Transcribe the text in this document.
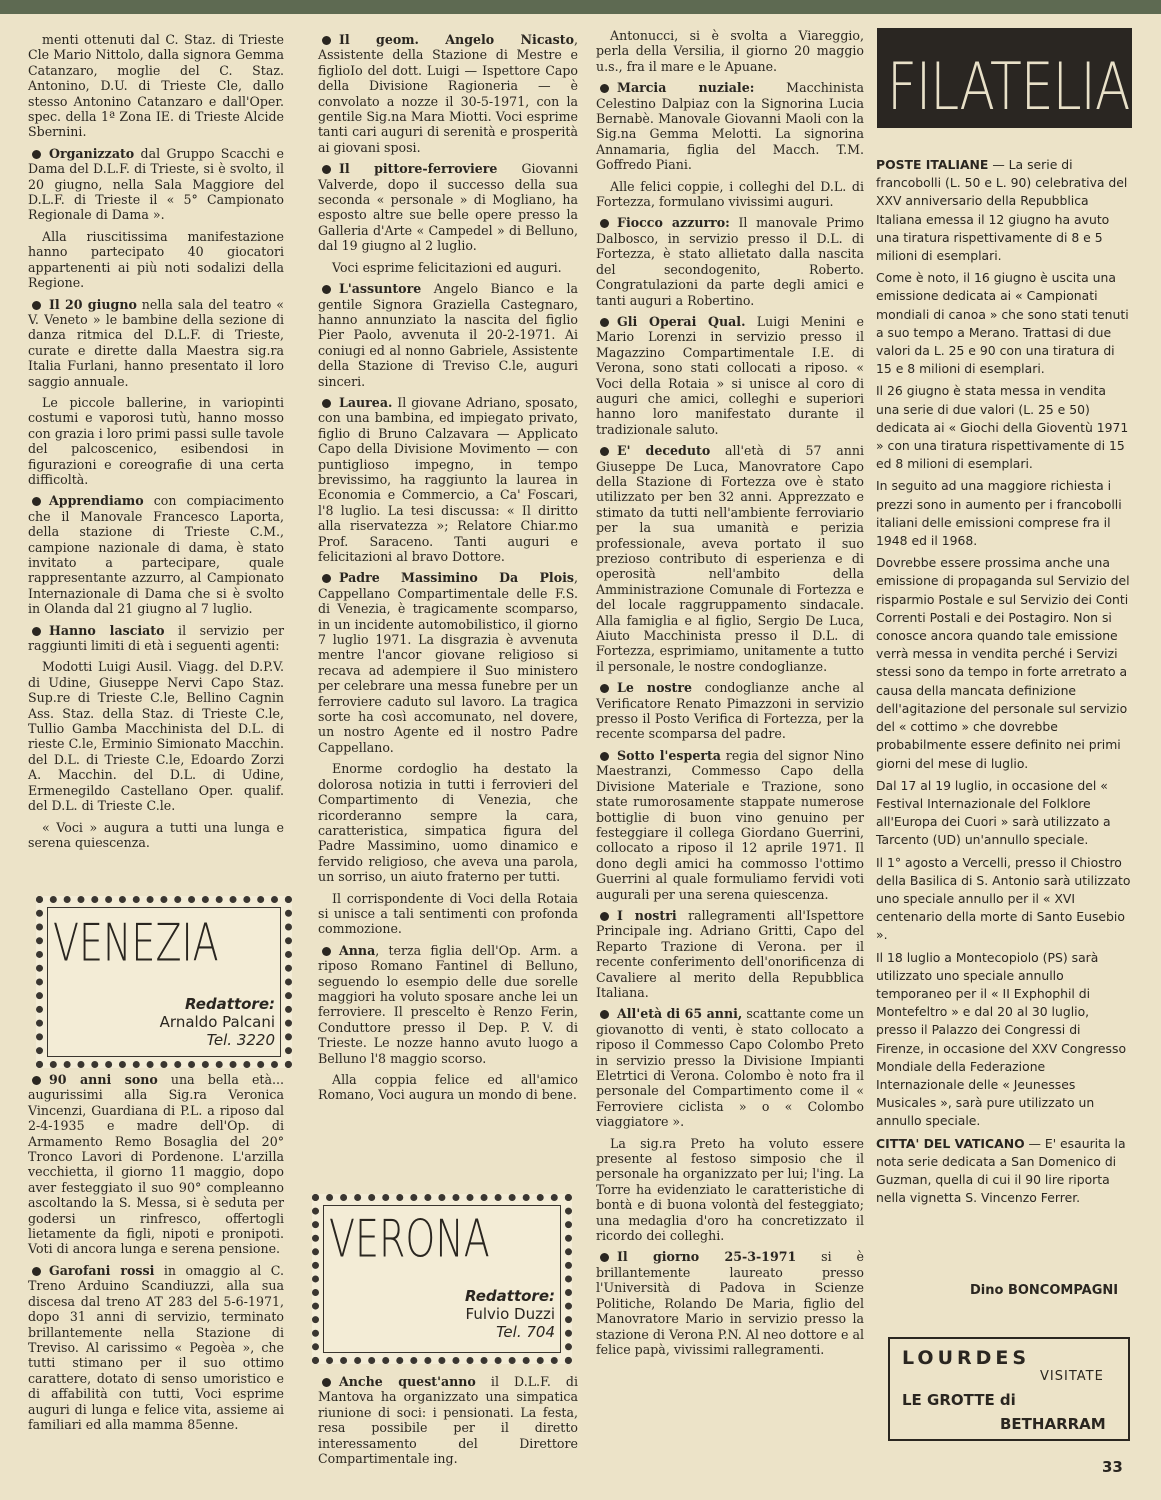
menti ottenuti dal C. Staz. di Trieste Cle Mario Nittolo, dalla signora Gemma Catanzaro, moglie del C. Staz. Antonino, D.U. di Trieste Cle, dallo stesso Antonino Catanzaro e dall'Oper. spec. della 1ª Zona IE. di Trieste Alcide Sbernini.

Organizzato dal Gruppo Scacchi e Dama del D.L.F. di Trieste, si è svolto, il 20 giugno, nella Sala Maggiore del D.L.F. di Trieste il « 5° Campionato Regionale di Dama ».

Alla riuscitissima manifestazione hanno partecipato 40 giocatori appartenenti ai più noti sodalizi della Regione.

Il 20 giugno nella sala del teatro « V. Veneto » le bambine della sezione di danza ritmica del D.L.F. di Trieste, curate e dirette dalla Maestra sig.ra Italia Furlani, hanno presentato il loro saggio annuale.

Le piccole ballerine, in variopinti costumi e vaporosi tutù, hanno mosso con grazia i loro primi passi sulle tavole del palcoscenico, esibendosi in figurazioni e coreografie di una certa difficoltà.

Apprendiamo con compiacimento che il Manovale Francesco Laporta, della stazione di Trieste C.M., campione nazionale di dama, è stato invitato a partecipare, quale rappresentante azzurro, al Campionato Internazionale di Dama che si è svolto in Olanda dal 21 giugno al 7 luglio.

Hanno lasciato il servizio per raggiunti limiti di età i seguenti agenti:

Modotti Luigi Ausil. Viagg. del D.P.V. di Udine, Giuseppe Nervi Capo Staz. Sup.re di Trieste C.le, Bellino Cagnin Ass. Staz. della Staz. di Trieste C.le, Tullio Gamba Macchinista del D.L. di rieste C.le, Erminio Simionato Macchin. del D.L. di Trieste C.le, Edoardo Zorzi A. Macchin. del D.L. di Udine, Ermenegildo Castellano Oper. qualif. del D.L. di Trieste C.le.

« Voci » augura a tutti una lunga e serena quiescenza.

VENEZIA
Redattore:
Arnaldo Palcani
Tel. 3220

90 anni sono una bella età... augurissimi alla Sig.ra Veronica Vincenzi, Guardiana di P.L. a riposo dal 2-4-1935 e madre dell'Op. di Armamento Remo Bosaglia del 20° Tronco Lavori di Pordenone. L'arzilla vecchietta, il giorno 11 maggio, dopo aver festeggiato il suo 90° compleanno ascoltando la S. Messa, si è seduta per godersi un rinfresco, offertogli lietamente da figli, nipoti e pronipoti. Voti di ancora lunga e serena pensione.

Garofani rossi in omaggio al C. Treno Arduino Scandiuzzi, alla sua discesa dal treno AT 283 del 5-6-1971, dopo 31 anni di servizio, terminato brillantemente nella Stazione di Treviso. Al carissimo « Pegoèa », che tutti stimano per il suo ottimo carattere, dotato di senso umoristico e di affabilità con tutti, Voci esprime auguri di lunga e felice vita, assieme ai familiari ed alla mamma 85enne.

Il geom. Angelo Nicasto, Assistente della Stazione di Mestre e figlioIo del dott. Luigi — Ispettore Capo della Divisione Ragioneria — è convolato a nozze il 30-5-1971, con la gentile Sig.na Mara Miotti. Voci esprime tanti cari auguri di serenità e prosperità ai giovani sposi.

Il pittore-ferroviere Giovanni Valverde, dopo il successo della sua seconda « personale » di Mogliano, ha esposto altre sue belle opere presso la Galleria d'Arte « Campedel » di Belluno, dal 19 giugno al 2 luglio.

Voci esprime felicitazioni ed auguri.

L'assuntore Angelo Bianco e la gentile Signora Graziella Castegnaro, hanno annunziato la nascita del figlio Pier Paolo, avvenuta il 20-2-1971. Ai coniugi ed al nonno Gabriele, Assistente della Stazione di Treviso C.le, auguri sinceri.

Laurea. Il giovane Adriano, sposato, con una bambina, ed impiegato privato, figlio di Bruno Calzavara — Applicato Capo della Divisione Movimento — con puntiglioso impegno, in tempo brevissimo, ha raggiunto la laurea in Economia e Commercio, a Ca' Foscari, l'8 luglio. La tesi discussa: « Il diritto alla riservatezza »; Relatore Chiar.mo Prof. Saraceno. Tanti auguri e felicitazioni al bravo Dottore.

Padre Massimino Da Plois, Cappellano Compartimentale delle F.S. di Venezia, è tragicamente scomparso, in un incidente automobilistico, il giorno 7 luglio 1971. La disgrazia è avvenuta mentre l'ancor giovane religioso si recava ad adempiere il Suo ministero per celebrare una messa funebre per un ferroviere caduto sul lavoro. La tragica sorte ha così accomunato, nel dovere, un nostro Agente ed il nostro Padre Cappellano.

Enorme cordoglio ha destato la dolorosa notizia in tutti i ferrovieri del Compartimento di Venezia, che ricorderanno sempre la cara, caratteristica, simpatica figura del Padre Massimino, uomo dinamico e fervido religioso, che aveva una parola, un sorriso, un aiuto fraterno per tutti.

Il corrispondente di Voci della Rotaia si unisce a tali sentimenti con profonda commozione.

Anna, terza figlia dell'Op. Arm. a riposo Romano Fantinel di Belluno, seguendo lo esempio delle due sorelle maggiori ha voluto sposare anche lei un ferroviere. Il prescelto è Renzo Ferin, Conduttore presso il Dep. P. V. di Trieste. Le nozze hanno avuto luogo a Belluno l'8 maggio scorso.

Alla coppia felice ed all'amico Romano, Voci augura un mondo di bene.

VERONA
Redattore:
Fulvio Duzzi
Tel. 704

Anche quest'anno il D.L.F. di Mantova ha organizzato una simpatica riunione di soci: i pensionati. La festa, resa possibile per il diretto interessamento del Direttore Compartimentale ing.

Antonucci, si è svolta a Viareggio, perla della Versilia, il giorno 20 maggio u.s., fra il mare e le Apuane.

Marcia nuziale: Macchinista Celestino Dalpiaz con la Signorina Lucia Bernabè. Manovale Giovanni Maoli con la Sig.na Gemma Melotti. La signorina Annamaria, figlia del Macch. T.M. Goffredo Piani.

Alle felici coppie, i colleghi del D.L. di Fortezza, formulano vivissimi auguri.

Fiocco azzurro: Il manovale Primo Dalbosco, in servizio presso il D.L. di Fortezza, è stato allietato dalla nascita del secondogenito, Roberto. Congratulazioni da parte degli amici e tanti auguri a Robertino.

Gli Operai Qual. Luigi Menini e Mario Lorenzi in servizio presso il Magazzino Compartimentale I.E. di Verona, sono stati collocati a riposo. « Voci della Rotaia » si unisce al coro di auguri che amici, colleghi e superiori hanno loro manifestato durante il tradizionale saluto.

E' deceduto all'età di 57 anni Giuseppe De Luca, Manovratore Capo della Stazione di Fortezza ove è stato utilizzato per ben 32 anni. Apprezzato e stimato da tutti nell'ambiente ferroviario per la sua umanità e perizia professionale, aveva portato il suo prezioso contributo di esperienza e di operosità nell'ambito della Amministrazione Comunale di Fortezza e del locale raggruppamento sindacale. Alla famiglia e al figlio, Sergio De Luca, Aiuto Macchinista presso il D.L. di Fortezza, esprimiamo, unitamente a tutto il personale, le nostre condoglianze.

Le nostre condoglianze anche al Verificatore Renato Pimazzoni in servizio presso il Posto Verifica di Fortezza, per la recente scomparsa del padre.

Sotto l'esperta regia del signor Nino Maestranzi, Commesso Capo della Divisione Materiale e Trazione, sono state rumorosamente stappate numerose bottiglie di buon vino genuino per festeggiare il collega Giordano Guerrini, collocato a riposo il 12 aprile 1971. Il dono degli amici ha commosso l'ottimo Guerrini al quale formuliamo fervidi voti augurali per una serena quiescenza.

I nostri rallegramenti all'Ispettore Principale ing. Adriano Gritti, Capo del Reparto Trazione di Verona. per il recente conferimento dell'onorificenza di Cavaliere al merito della Repubblica Italiana.

All'età di 65 anni, scattante come un giovanotto di venti, è stato collocato a riposo il Commesso Capo Colombo Preto in servizio presso la Divisione Impianti Eletrtici di Verona. Colombo è noto fra il personale del Compartimento come il « Ferroviere ciclista » o « Colombo viaggiatore ».

La sig.ra Preto ha voluto essere presente al festoso simposio che il personale ha organizzato per lui; l'ing. La Torre ha evidenziato le caratteristiche di bontà e di buona volontà del festeggiato; una medaglia d'oro ha concretizzato il ricordo dei colleghi.

Il giorno 25-3-1971 si è brillantemente laureato presso l'Università di Padova in Scienze Politiche, Rolando De Maria, figlio del Manovratore Mario in servizio presso la stazione di Verona P.N. Al neo dottore e al felice papà, vivissimi rallegramenti.

FILATELIA

POSTE ITALIANE — La serie di francobolli (L. 50 e L. 90) celebrativa del XXV anniversario della Repubblica Italiana emessa il 12 giugno ha avuto una tiratura rispettivamente di 8 e 5 milioni di esemplari.

Come è noto, il 16 giugno è uscita una emissione dedicata ai « Campionati mondiali di canoa » che sono stati tenuti a suo tempo a Merano. Trattasi di due valori da L. 25 e 90 con una tiratura di 15 e 8 milioni di esemplari.

Il 26 giugno è stata messa in vendita una serie di due valori (L. 25 e 50) dedicata ai « Giochi della Gioventù 1971 » con una tiratura rispettivamente di 15 ed 8 milioni di esemplari.

In seguito ad una maggiore richiesta i prezzi sono in aumento per i francobolli italiani delle emissioni comprese fra il 1948 ed il 1968.

Dovrebbe essere prossima anche una emissione di propaganda sul Servizio del risparmio Postale e sul Servizio dei Conti Correnti Postali e dei Postagiro. Non si conosce ancora quando tale emissione verrà messa in vendita perché i Servizi stessi sono da tempo in forte arretrato a causa della mancata definizione dell'agitazione del personale sul servizio del « cottimo » che dovrebbe probabilmente essere definito nei primi giorni del mese di luglio.

Dal 17 al 19 luglio, in occasione del « Festival Internazionale del Folklore all'Europa dei Cuori » sarà utilizzato a Tarcento (UD) un'annullo speciale.

Il 1° agosto a Vercelli, presso il Chiostro della Basilica di S. Antonio sarà utilizzato uno speciale annullo per il « XVI centenario della morte di Santo Eusebio ».

Il 18 luglio a Montecopiolo (PS) sarà utilizzato uno speciale annullo temporaneo per il « II Exphophil di Montefeltro » e dal 20 al 30 luglio, presso il Palazzo dei Congressi di Firenze, in occasione del XXV Congresso Mondiale della Federazione Internazionale delle « Jeunesses Musicales », sarà pure utilizzato un annullo speciale.

CITTA' DEL VATICANO — E' esaurita la nota serie dedicata a San Domenico di Guzman, quella di cui il 90 lire riporta nella vignetta S. Vincenzo Ferrer.

Dino BONCOMPAGNI
LOURDES
VISITATE
LE GROTTE di
BETHARRAM
33
